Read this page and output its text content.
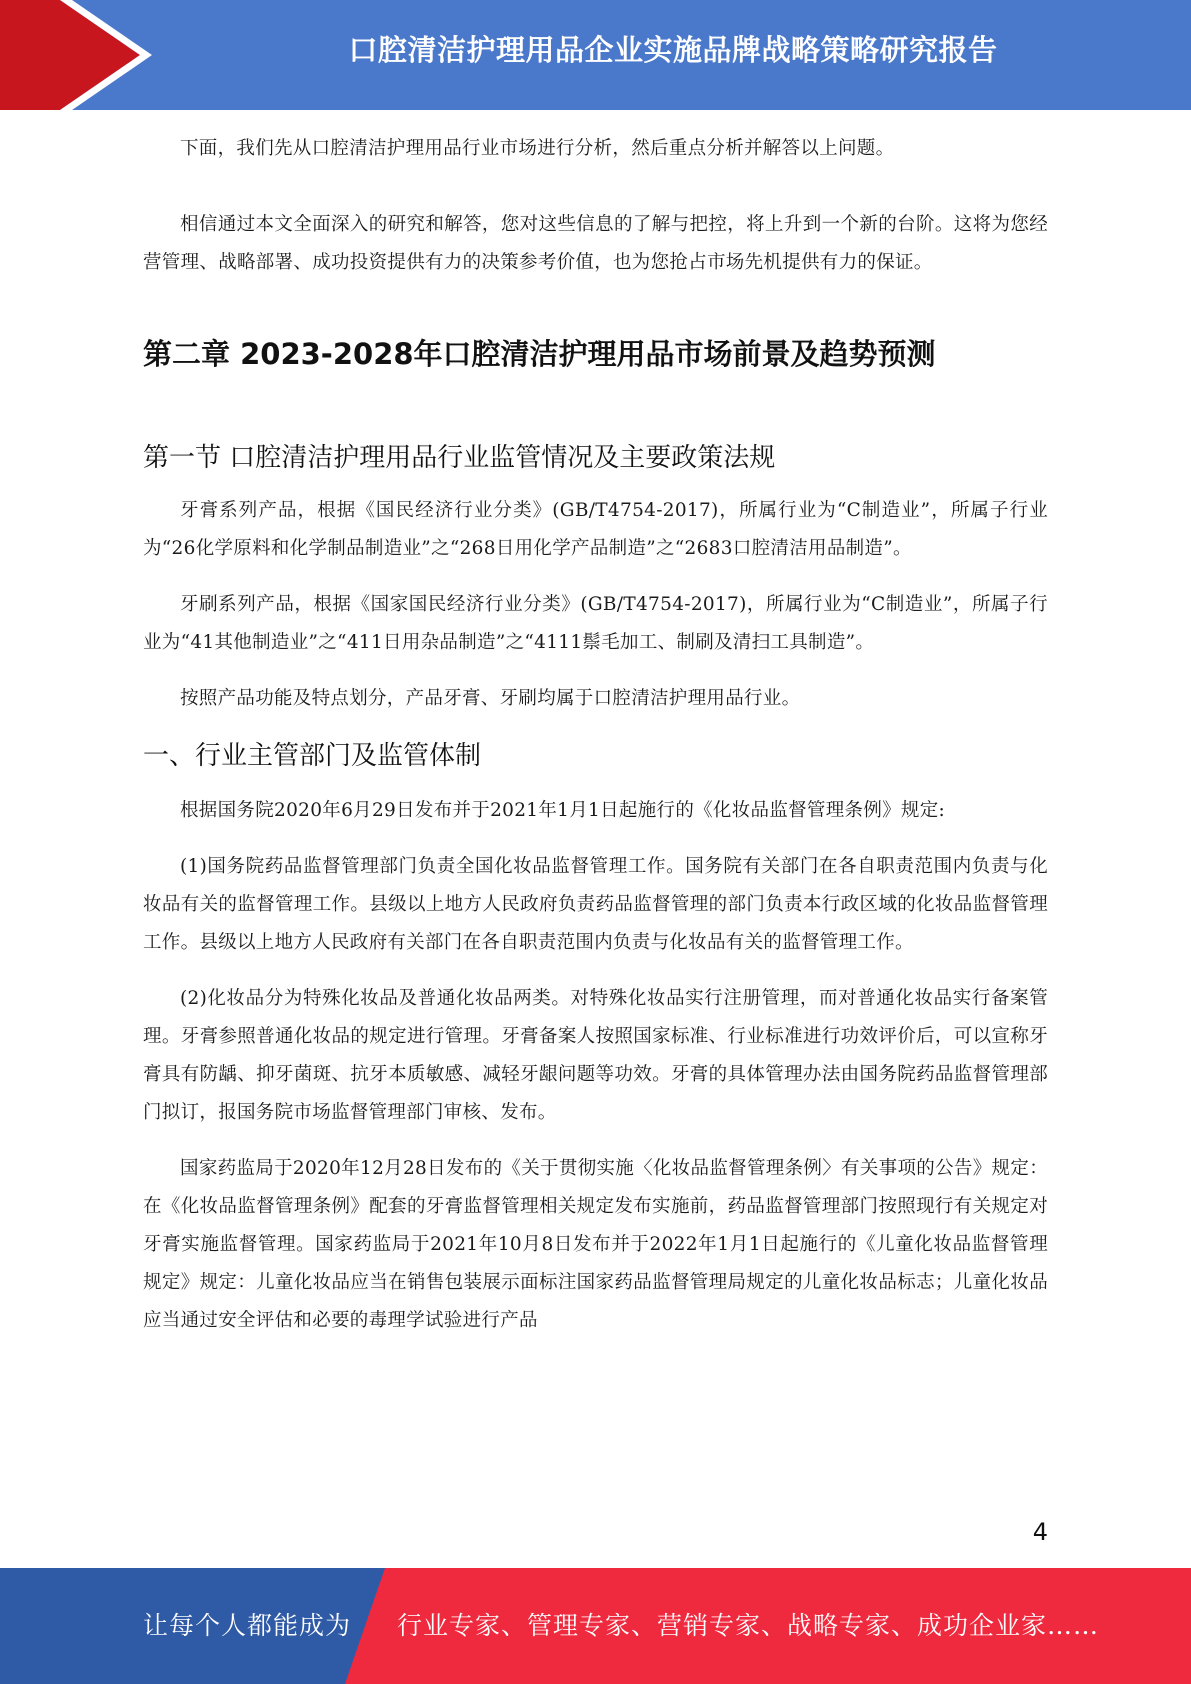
口腔清洁护理用品企业实施品牌战略策略研究报告

下面，我们先从口腔清洁护理用品行业市场进行分析，然后重点分析并解答以上问题。

相信通过本文全面深入的研究和解答，您对这些信息的了解与把控，将上升到一个新的台阶。这将为您经营管理、战略部署、成功投资提供有力的决策参考价值，也为您抢占市场先机提供有力的保证。

第二章 2023-2028年口腔清洁护理用品市场前景及趋势预测
第一节 口腔清洁护理用品行业监管情况及主要政策法规

牙膏系列产品，根据《国民经济行业分类》(GB/T4754-2017)，所属行业为“C制造业”，所属子行业为“26化学原料和化学制品制造业”之“268日用化学产品制造”之“2683口腔清洁用品制造”。

牙刷系列产品，根据《国家国民经济行业分类》(GB/T4754-2017)，所属行业为“C制造业”，所属子行业为“41其他制造业”之“411日用杂品制造”之“4111鬃毛加工、制刷及清扫工具制造”。

按照产品功能及特点划分，产品牙膏、牙刷均属于口腔清洁护理用品行业。

一、行业主管部门及监管体制

根据国务院2020年6月29日发布并于2021年1月1日起施行的《化妆品监督管理条例》规定:

(1)国务院药品监督管理部门负责全国化妆品监督管理工作。国务院有关部门在各自职责范围内负责与化妆品有关的监督管理工作。县级以上地方人民政府负责药品监督管理的部门负责本行政区域的化妆品监督管理工作。县级以上地方人民政府有关部门在各自职责范围内负责与化妆品有关的监督管理工作。

(2)化妆品分为特殊化妆品及普通化妆品两类。对特殊化妆品实行注册管理，而对普通化妆品实行备案管理。牙膏参照普通化妆品的规定进行管理。牙膏备案人按照国家标准、行业标准进行功效评价后，可以宣称牙膏具有防龋、抑牙菌斑、抗牙本质敏感、减轻牙龈问题等功效。牙膏的具体管理办法由国务院药品监督管理部门拟订，报国务院市场监督管理部门审核、发布。

国家药监局于2020年12月28日发布的《关于贯彻实施〈化妆品监督管理条例〉有关事项的公告》规定：在《化妆品监督管理条例》配套的牙膏监督管理相关规定发布实施前，药品监督管理部门按照现行有关规定对牙膏实施监督管理。国家药监局于2021年10月8日发布并于2022年1月1日起施行的《儿童化妆品监督管理规定》规定：儿童化妆品应当在销售包装展示面标注国家药品监督管理局规定的儿童化妆品标志；儿童化妆品应当通过安全评估和必要的毒理学试验进行产品

4
让每个人都能成为 行业专家、管理专家、营销专家、战略专家、成功企业家……
